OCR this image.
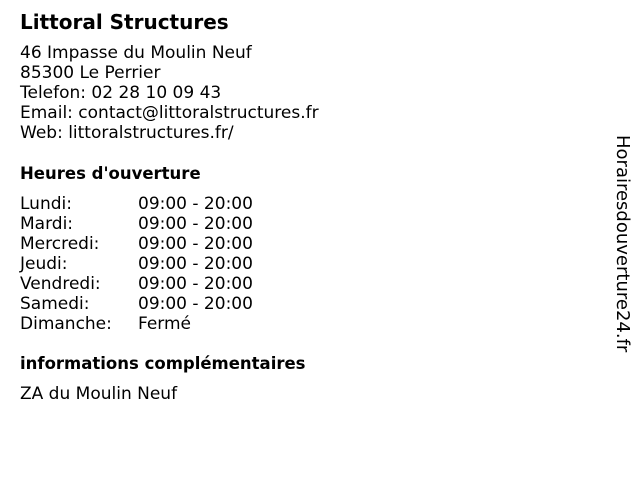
Littoral Structures
46 Impasse du Moulin Neuf
85300 Le Perrier
Telefon: 02 28 10 09 43
Email: contact@littoralstructures.fr
Web: littoralstructures.fr/
Heures d'ouverture
Lundi:	09:00 - 20:00
Mardi:	09:00 - 20:00
Mercredi: 09:00 - 20:00
Jeudi:	09:00 - 20:00
Vendredi: 09:00 - 20:00
Samedi:	09:00 - 20:00
Dimanche: Fermé
informations complémentaires
ZA du Moulin Neuf
Horairesdouverture24.fr
